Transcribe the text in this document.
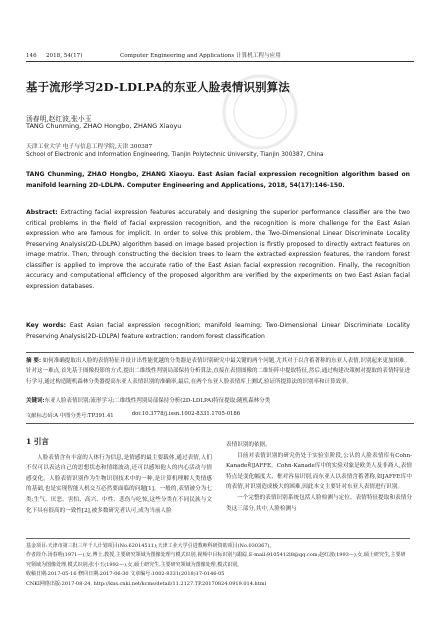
146	2018, 54(17)	Computer Engineering and Applications 计算机工程与应用
基于流形学习2D-LDLPA的东亚人脸表情识别算法
汤春明,赵红波,张小玉
TANG Chunming, ZHAO Hongbo, ZHANG Xiaoyu
天津工业大学 电子与信息工程学院,天津 300387
School of Electronic and Information Engineering, Tianjin Polytechnic University, Tianjin 300387, China
TANG Chunming, ZHAO Hongbo, ZHANG Xiaoyu. East Asian facial expression recognition algorithm based on manifold learning 2D-LDLPA. Computer Engineering and Applications, 2018, 54(17):146-150.
Abstract: Extracting facial expression features accurately and designing the superior performance classifier are the two critical problems in the field of facial expression recognition, and the recognition is more challenge for the East Asian expression who are famous for implicit. In order to solve this problem, the Two-Dimensional Linear Discriminate Locality Preserving Analysis(2D-LDLPA) algorithm based on image based projection is firstly proposed to directly extract features on image matrix. Then, through constructing the decision trees to learn the extracted expression features, the random forest classifier is applied to improve the accurate ratio of the East Asian facial expression recognition. Finally, the recognition accuracy and computational efficiency of the proposed algorithm are verified by the experiments on two East Asian facial expression databases.
Key words: East Asian facial expression recognition; manifold learning; Two-Dimensional Linear Discriminate Locality Preserving Analysis(2D-LDLPA) feature extraction; random forest classification
摘 要: 如何准确提取出人脸的表情特征并设计出性能优越的分类器是表情识别研究中最关键的两个问题,尤其对于以含蓄著称的东亚人表情,识别起来更加困难。针对这一难点,首先基于图像投影的方式,提出二维线性判别局部保持分析算法,直接在表情图像的二维矩阵中提取特征,然后,通过构建决策树对提取的表情特征进行学习,通过构造随机森林分类器提高东亚人表情识别的准确率,最后,在两个东亚人脸表情库上测试,验证所提算法的识别率和计算效率。
关键词:东亚人脸表情识别;流形学习;二维线性判别局部保持分析(2D-LDLPA)特征提取;随机森林分类
文献标志码:A 中图分类号:TP391.41	doi:10.3778/j.issn.1002-8331.1705-0186
1 引言

人脸表情含有丰富的人体行为信息,是情感的最主要载体,通过表情,人们不仅可以表达自己的思想状态和情绪波动,还可以感知他人的内心活动与情感变化。人脸表情识别作为生物识别技术中的一种,是计算机理解人类情感的基础,也是实现智能人机交互必然要面临的问题[1]。一般的,表情被分为七类:生气、厌恶、害怕、高兴、中性、悲伤与吃惊,这些分类在不同民族与文化下具有很高的一致性[2],被多数研究者认可,成为当前人脸

表情识别的依据。

目前对表情识别的研究仍处于实验室阶段,公认的人脸表情库有Cohn-Kanade和JAFFE。Cohn-Kanade库中的实验对象是欧美人及非裔人,表情特点是变化幅度大、框对容易识别,而东亚人以表情含蓄著称,如JAFFE库中的表情,对识别造成极大的困难,因此本文主要针对东亚人表情进行识别。

一个完整的表情识别系统包括人脸检测与定位、表情特征提取和表情分类这三部分,其中,人脸检测与

基金项目:天津市第三批三年千人计划项目(No.62014511);天津工业大学引进教师科研资助项目(No.030367)。

作者简介:汤春明(1971—),女,博士,教授,主要研究领域为图像处理与模式识别,视频中目标识别与跟踪,E-mail:9105412l8@qq.com;赵红波(1993—),女,硕士研究生,主要研究领域为图像处理,模式识别;张小玉(1992—),女,硕士研究生,主要研究领域为图像处理,模式识别。

收稿日期:2017-05-16 修回日期:2017-06-30 文章编号:1002-8331(2018)17-0146-05

CNKI网络出版:2017-08-24, http://kns.cnki.net/kcms/detail/11.2127.TP.20170824.0919.014.html
